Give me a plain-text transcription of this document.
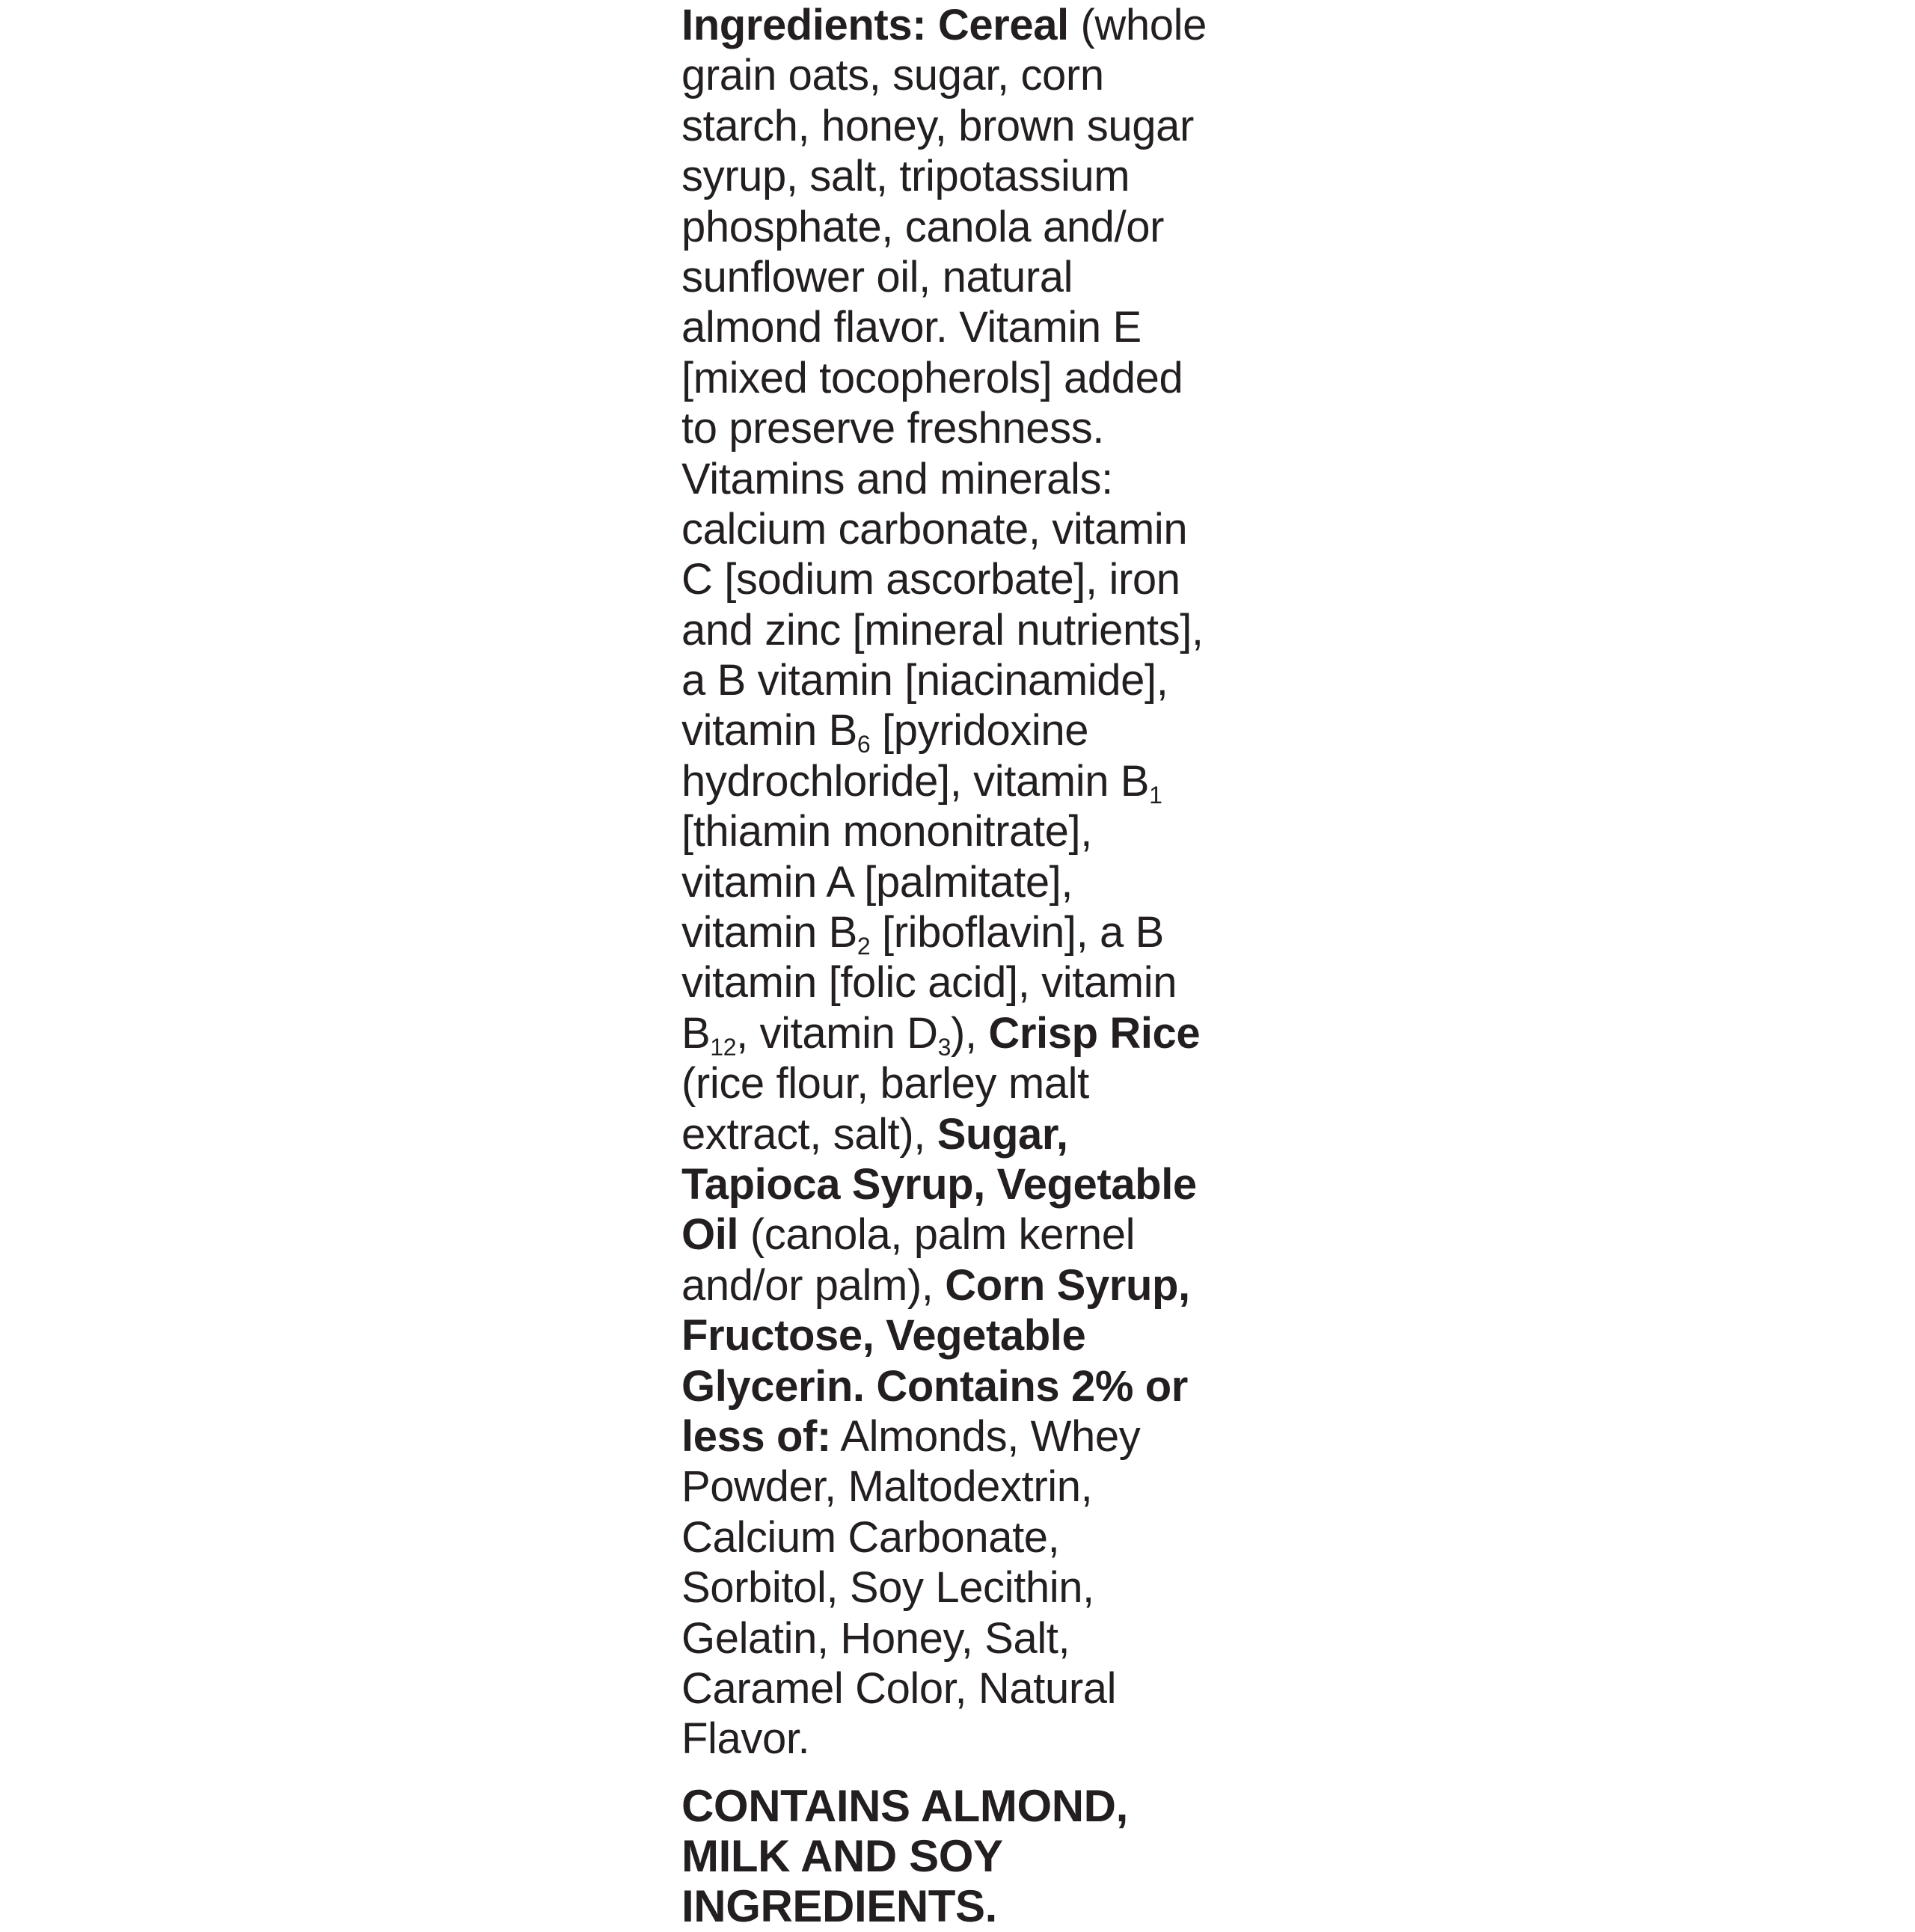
Ingredients: Cereal (whole
grain oats, sugar, corn
starch, honey, brown sugar
syrup, salt, tripotassium
phosphate, canola and/or
sunflower oil, natural
almond flavor. Vitamin E
[mixed tocopherols] added
to preserve freshness.
Vitamins and minerals:
calcium carbonate, vitamin
C [sodium ascorbate], iron
and zinc [mineral nutrients],
a B vitamin [niacinamide],
vitamin $B_6$ [pyridoxine
hydrochloride], vitamin $B_1$
[thiamin mononitrate],
vitamin A [palmitate],
vitamin $B_2$ [riboflavin], a B
vitamin [folic acid], vitamin
$B_{12}$, vitamin $D_3$), Crisp Rice
(rice flour, barley malt
extract, salt), Sugar,
Tapioca Syrup, Vegetable
Oil (canola, palm kernel
and/or palm), Corn Syrup,
Fructose, Vegetable
Glycerin. Contains 2% or
less of: Almonds, Whey
Powder, Maltodextrin,
Calcium Carbonate,
Sorbitol, Soy Lecithin,
Gelatin, Honey, Salt,
Caramel Color, Natural
Flavor.

CONTAINS ALMOND,
MILK AND SOY
INGREDIENTS.
